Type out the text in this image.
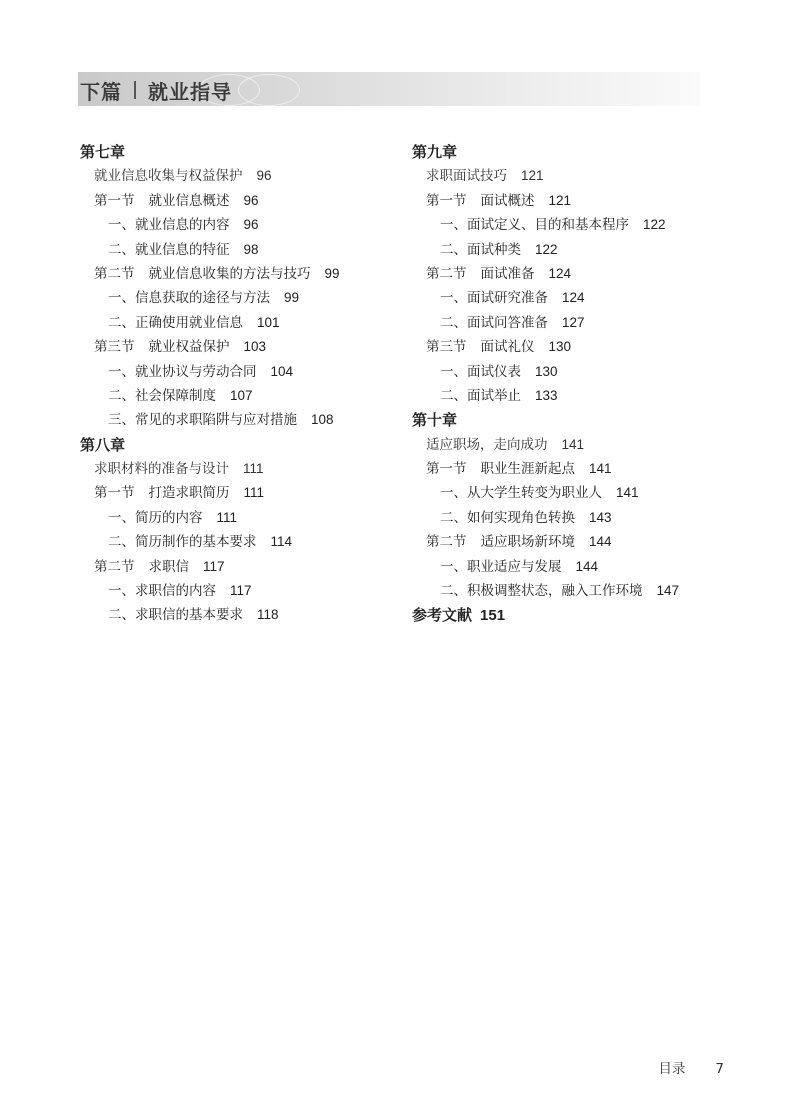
下篇 就业指导
第七章
就业信息收集与权益保护 96
第一节 就业信息概述 96
一、就业信息的内容 96
二、就业信息的特征 98
第二节 就业信息收集的方法与技巧 99
一、信息获取的途径与方法 99
二、正确使用就业信息 101
第三节 就业权益保护 103
一、就业协议与劳动合同 104
二、社会保障制度 107
三、常见的求职陷阱与应对措施 108
第八章
求职材料的准备与设计 111
第一节 打造求职简历 111
一、简历的内容 111
二、简历制作的基本要求 114
第二节 求职信 117
一、求职信的内容 117
二、求职信的基本要求 118
第九章
求职面试技巧 121
第一节 面试概述 121
一、面试定义、目的和基本程序 122
二、面试种类 122
第二节 面试准备 124
一、面试研究准备 124
二、面试问答准备 127
第三节 面试礼仪 130
一、面试仪表 130
二、面试举止 133
第十章
适应职场，走向成功 141
第一节 职业生涯新起点 141
一、从大学生转变为职业人 141
二、如何实现角色转换 143
第二节 适应职场新环境 144
一、职业适应与发展 144
二、积极调整状态，融入工作环境 147
参考文献 151
目录 7
